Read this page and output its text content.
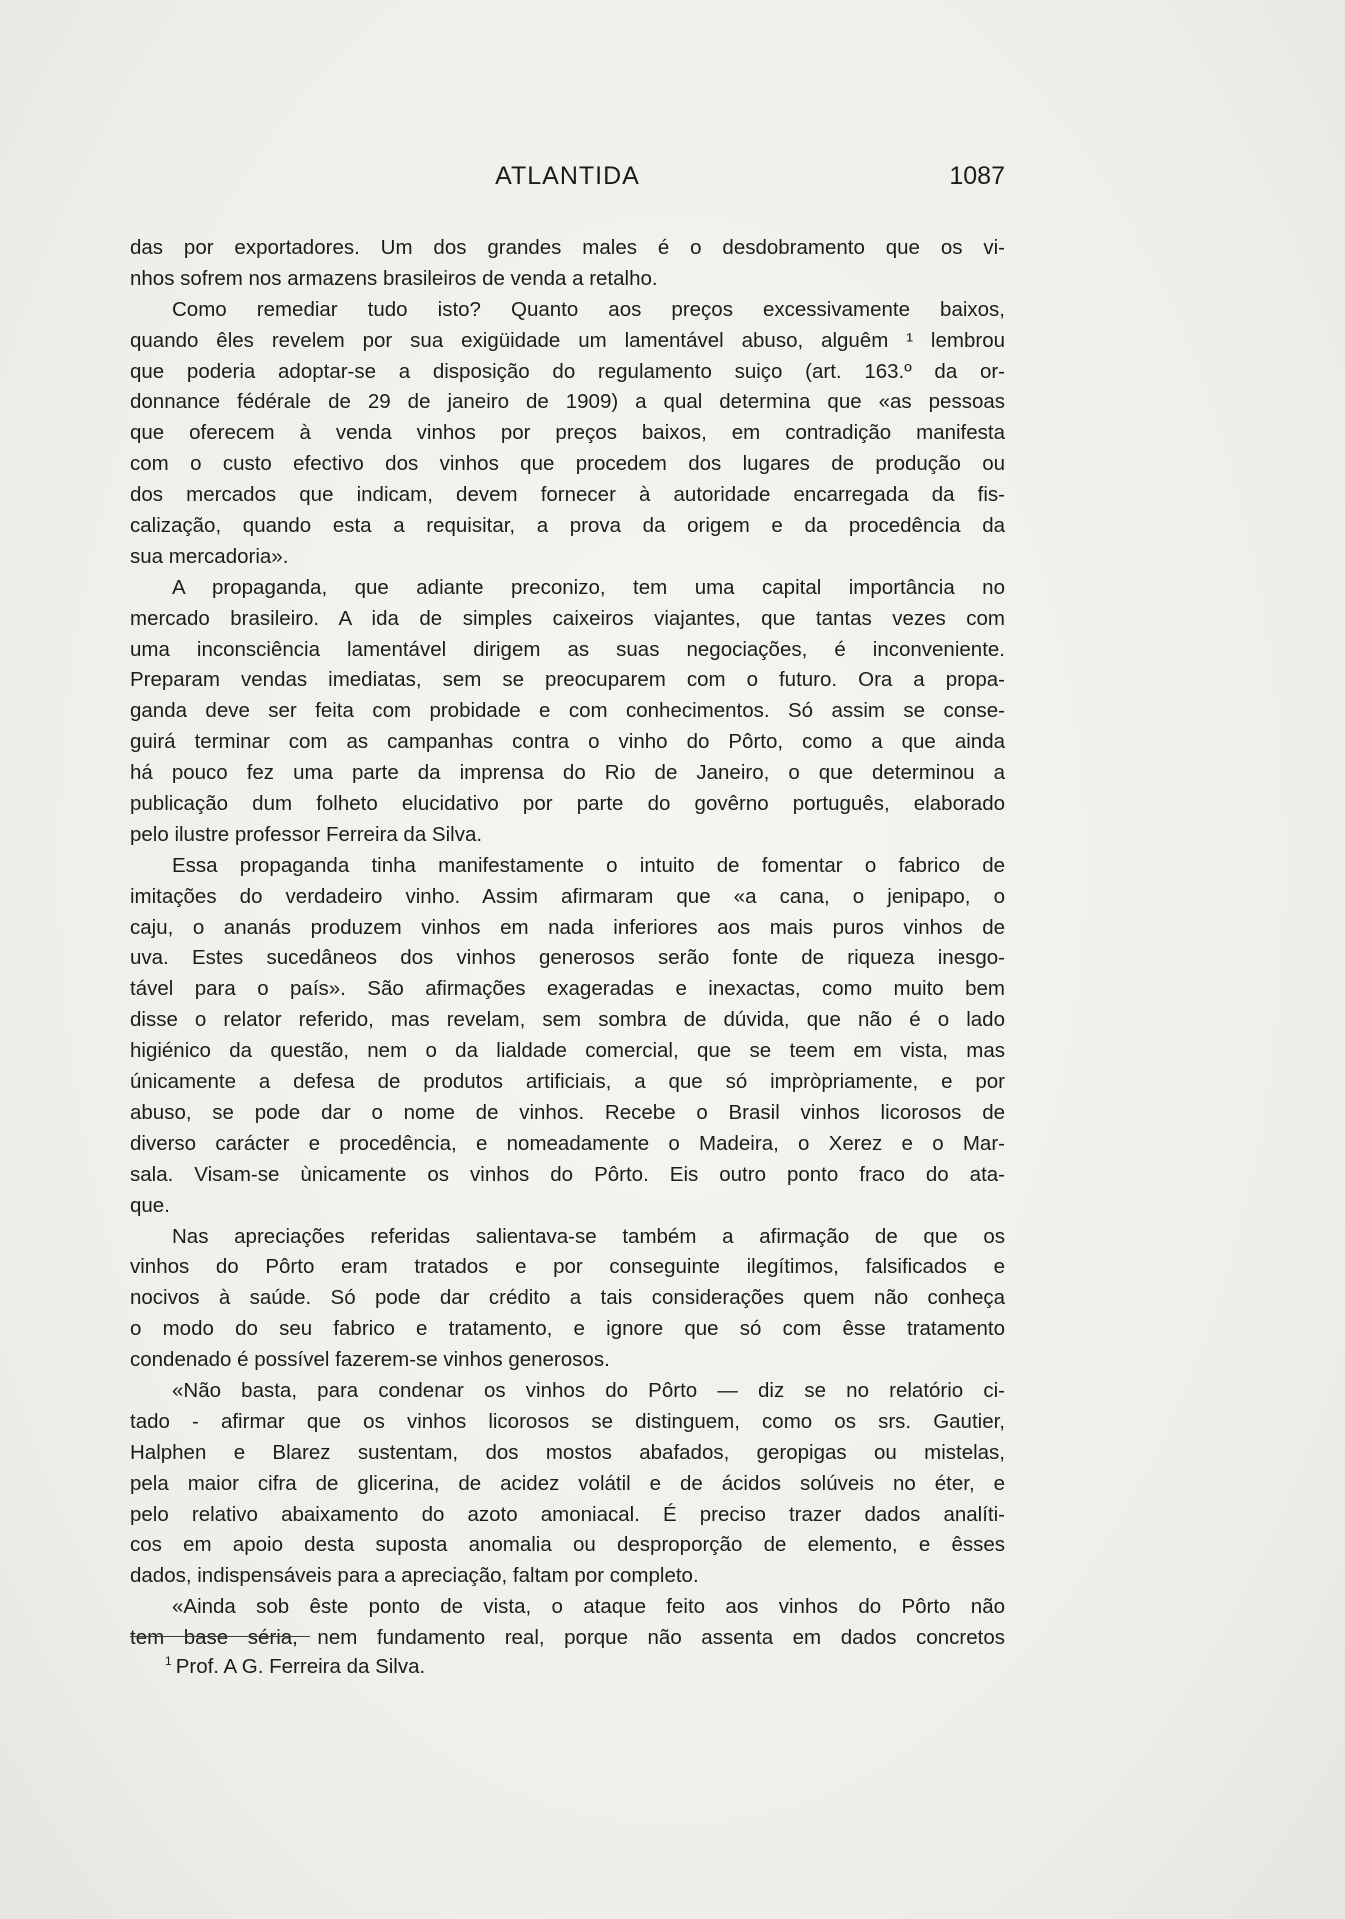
ATLANTIDA	1087
das por exportadores. Um dos grandes males é o desdobramento que os vi-
nhos sofrem nos armazens brasileiros de venda a retalho.
Como remediar tudo isto? Quanto aos preços excessivamente baixos,
quando êles revelem por sua exigüidade um lamentável abuso, alguêm ¹ lembrou
que poderia adoptar-se a disposição do regulamento suiço (art. 163.º da or-
donnance fédérale de 29 de janeiro de 1909) a qual determina que «as pessoas
que oferecem à venda vinhos por preços baixos, em contradição manifesta
com o custo efectivo dos vinhos que procedem dos lugares de produção ou
dos mercados que indicam, devem fornecer à autoridade encarregada da fis-
calização, quando esta a requisitar, a prova da origem e da procedência da
sua mercadoria».
A propaganda, que adiante preconizo, tem uma capital importância no
mercado brasileiro. A ida de simples caixeiros viajantes, que tantas vezes com
uma inconsciência lamentável dirigem as suas negociações, é inconveniente.
Preparam vendas imediatas, sem se preocuparem com o futuro. Ora a propa-
ganda deve ser feita com probidade e com conhecimentos. Só assim se conse-
guirá terminar com as campanhas contra o vinho do Pôrto, como a que ainda
há pouco fez uma parte da imprensa do Rio de Janeiro, o que determinou a
publicação dum folheto elucidativo por parte do govêrno português, elaborado
pelo ilustre professor Ferreira da Silva.
Essa propaganda tinha manifestamente o intuito de fomentar o fabrico de
imitações do verdadeiro vinho. Assim afirmaram que «a cana, o jenipapo, o
caju, o ananás produzem vinhos em nada inferiores aos mais puros vinhos de
uva. Estes sucedâneos dos vinhos generosos serão fonte de riqueza inesgo-
tável para o país». São afirmações exageradas e inexactas, como muito bem
disse o relator referido, mas revelam, sem sombra de dúvida, que não é o lado
higiénico da questão, nem o da lialdade comercial, que se teem em vista, mas
únicamente a defesa de produtos artificiais, a que só impròpriamente, e por
abuso, se pode dar o nome de vinhos. Recebe o Brasil vinhos licorosos de
diverso carácter e procedência, e nomeadamente o Madeira, o Xerez e o Mar-
sala. Visam-se ùnicamente os vinhos do Pôrto. Eis outro ponto fraco do ata-
que.
Nas apreciações referidas salientava-se também a afirmação de que os
vinhos do Pôrto eram tratados e por conseguinte ilegítimos, falsificados e
nocivos à saúde. Só pode dar crédito a tais considerações quem não conheça
o modo do seu fabrico e tratamento, e ignore que só com êsse tratamento
condenado é possível fazerem-se vinhos generosos.
«Não basta, para condenar os vinhos do Pôrto — diz se no relatório ci-
tado - afirmar que os vinhos licorosos se distinguem, como os srs. Gautier,
Halphen e Blarez sustentam, dos mostos abafados, geropigas ou mistelas,
pela maior cifra de glicerina, de acidez volátil e de ácidos solúveis no éter, e
pelo relativo abaixamento do azoto amoniacal. É preciso trazer dados analíti-
cos em apoio desta suposta anomalia ou desproporção de elemento, e êsses
dados, indispensáveis para a apreciação, faltam por completo.
«Ainda sob êste ponto de vista, o ataque feito aos vinhos do Pôrto não
tem base séria, nem fundamento real, porque não assenta em dados concretos
$^1$ Prof. A G. Ferreira da Silva.
